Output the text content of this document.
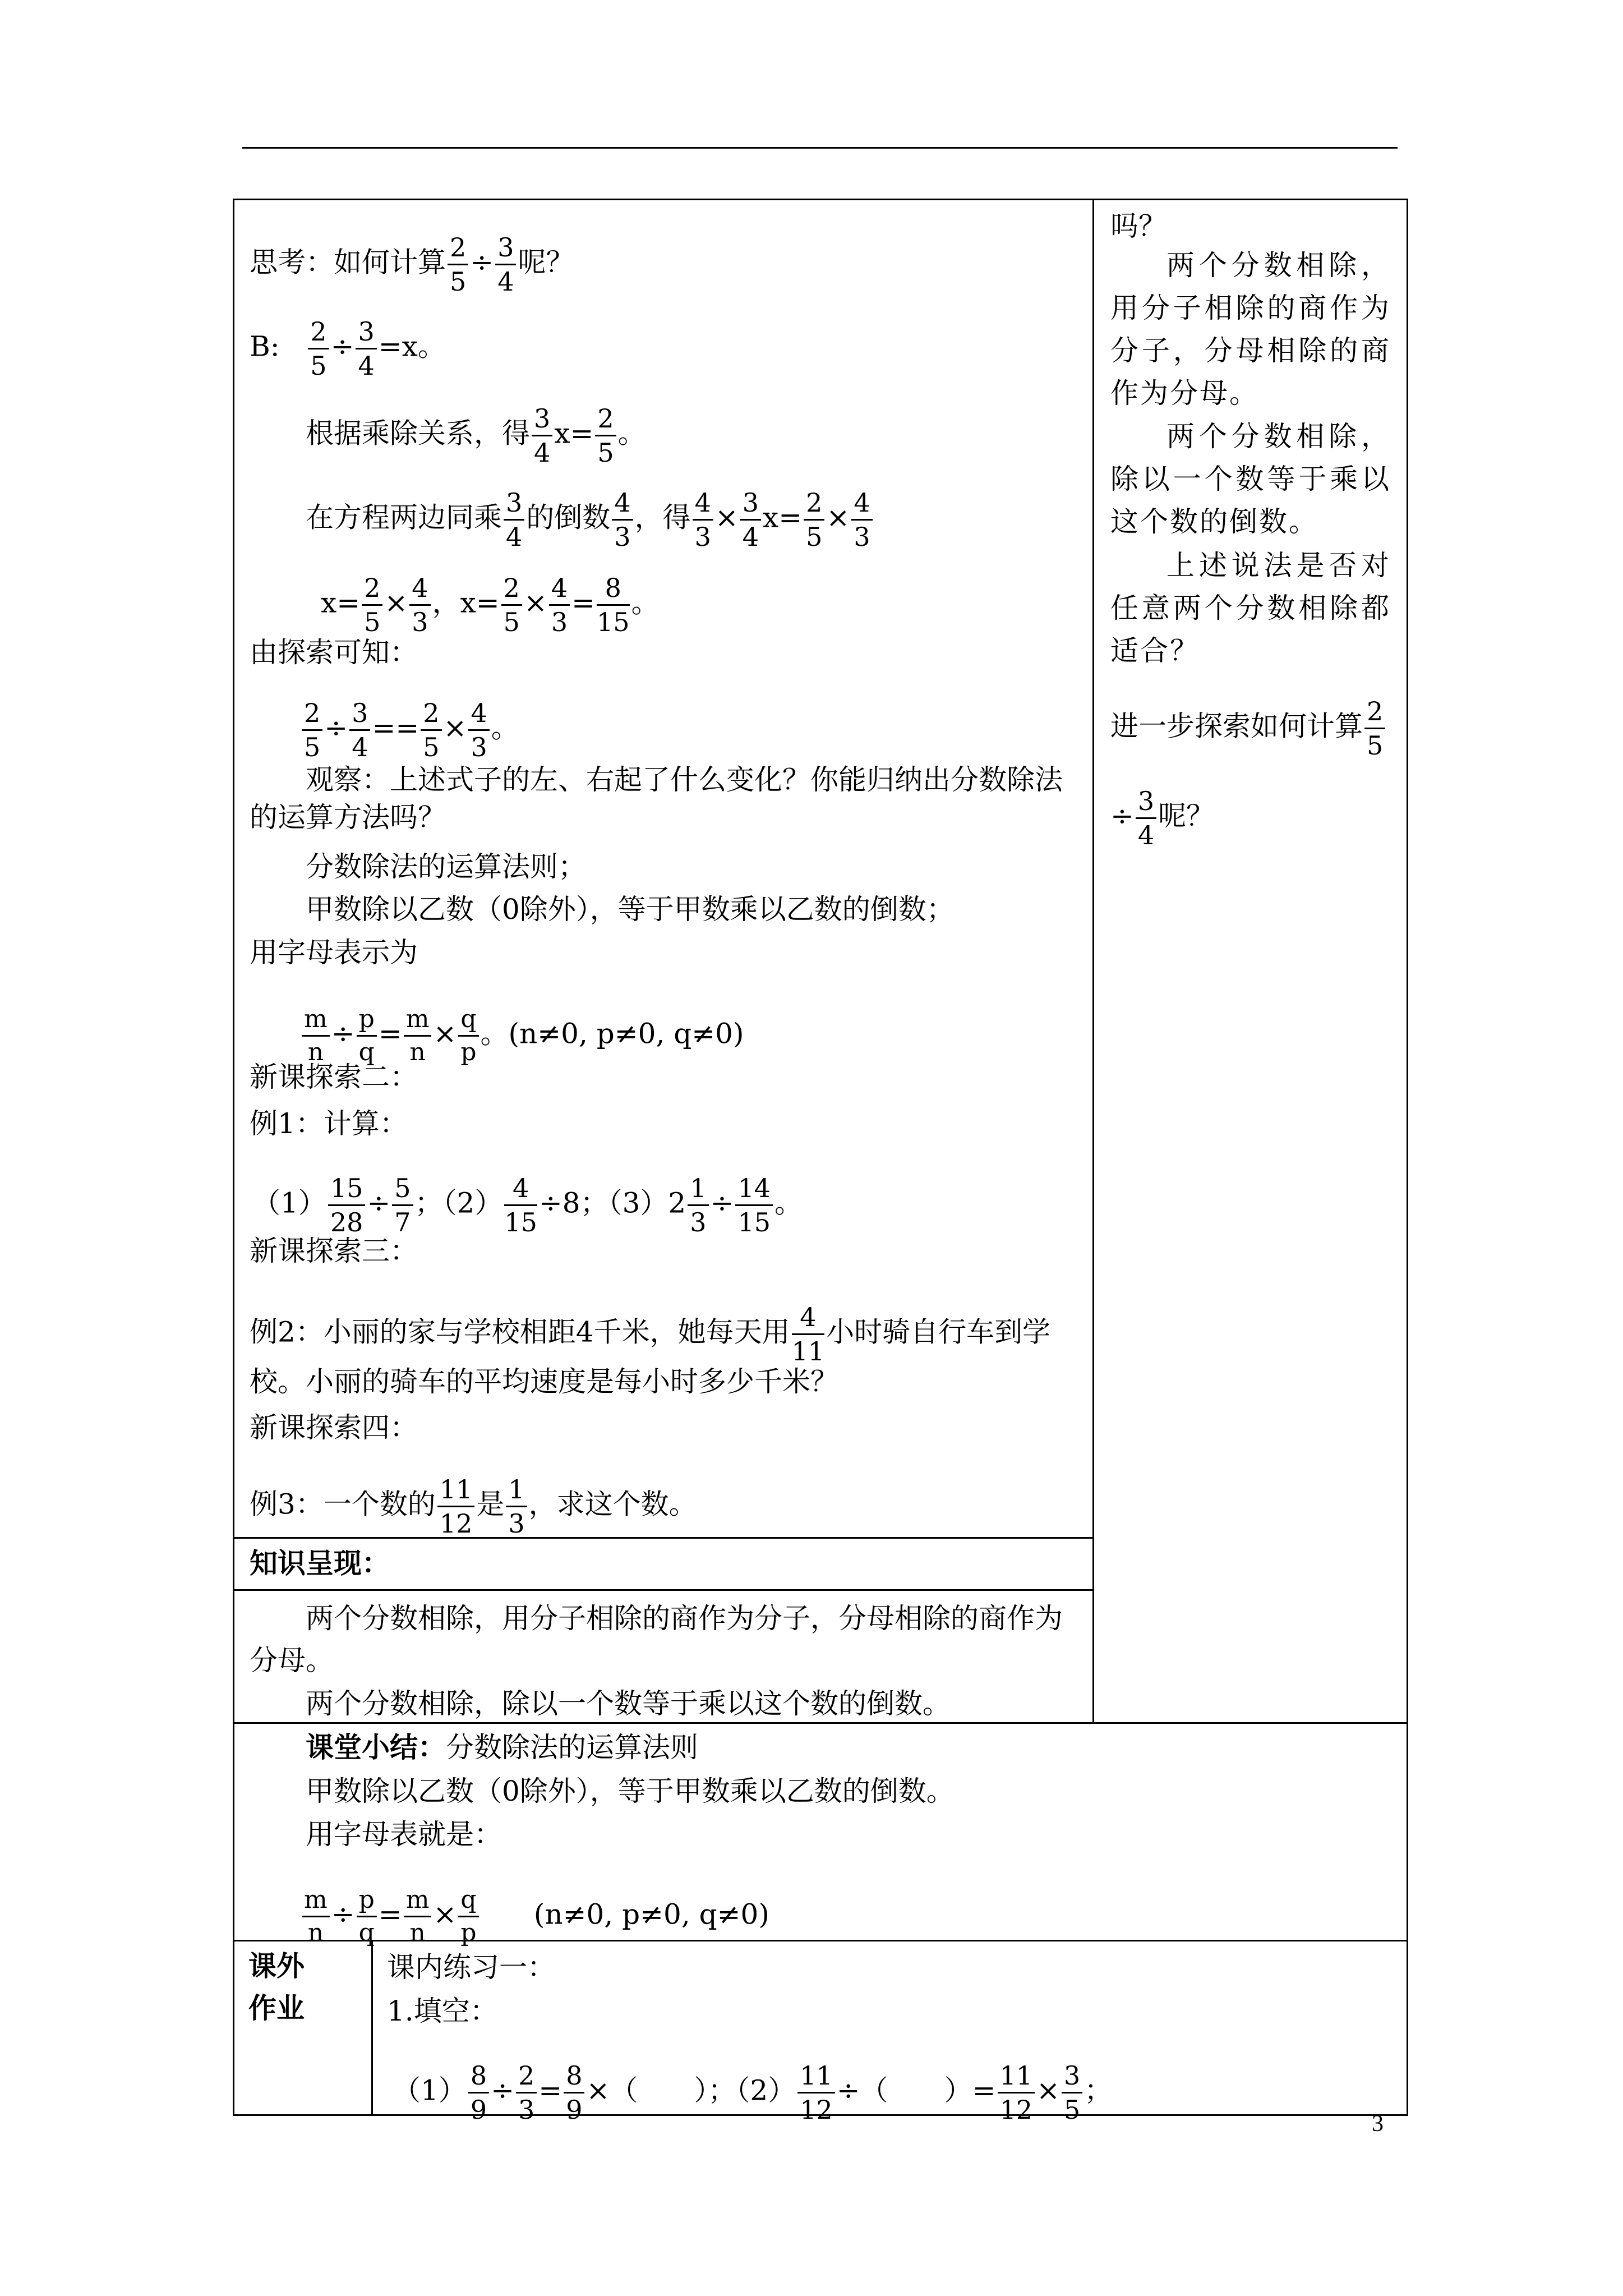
思考：如何计算 $\frac{2}{5} \div \frac{3}{4}$ 呢？
B: $\frac{2}{5} \div \frac{3}{4} =x$。
根据乘除关系，得 $\frac{3}{4} x= \frac{2}{5}$ 。
在方程两边同乘 $\frac{3}{4}$ 的倒数 $\frac{4}{3}$ ，得 $\frac{4}{3} \times \frac{3}{4} x= \frac{2}{5} \times \frac{4}{3}$
$x= \frac{2}{5} \times \frac{4}{3}$ ，$x= \frac{2}{5} \times \frac{4}{3} = \frac{8}{15}$ 。
由探索可知：
$\frac{2}{5} \div \frac{3}{4} == \frac{2}{5} \times \frac{4}{3}$ 。
观察：上述式子的左、右起了什么变化？你能归纳出分数除法
的运算方法吗？
分数除法的运算法则；
甲数除以乙数（0除外），等于甲数乘以乙数的倒数；
用字母表示为
$\frac{m}{n} \div \frac{p}{q} = \frac{m}{n} \times \frac{q}{p}$ 。(n≠0, p≠0, q≠0)
新课探索二：
例1：计算：
$(1) \frac{15}{28} \div \frac{5}{7}$ ；$(2) \frac{4}{15} \div 8$；$(3)2 \frac{1}{3} \div \frac{14}{15}$ 。
新课探索三：
例2：小丽的家与学校相距4千米，她每天用 $\frac{4}{11}$ 小时骑自行车到学
校。小丽的骑车的平均速度是每小时多少千米？
新课探索四：
例3：一个数的 $\frac{11}{12}$ 是 $\frac{1}{3}$ ，求这个数。
知识呈现：
两个分数相除，用分子相除的商作为分子，分母相除的商作为
分母。
两个分数相除，除以一个数等于乘以这个数的倒数。
吗？
两个分数相除，用分子相除的商作为分子，分母相除的商作为分母。
两个分数相除，除以一个数等于乘以这个数的倒数。
上述说法是否对任意两个分数相除都适合？
进一步探索如何计算 $\frac{2}{5}$
÷ $\frac{3}{4}$ 呢？
课堂小结：分数除法的运算法则
甲数除以乙数（0除外），等于甲数乘以乙数的倒数。
用字母表就是：
$\frac{m}{n} \div \frac{p}{q} = \frac{m}{n} \times \frac{q}{p} (n\ne 0$, p≠0, q≠0)
课外
作业
课内练习一：
1.填空：
$(1) \frac{8}{9} \div \frac{2}{3} = \frac{8}{9}$ ×（　　）；$(2) \frac{11}{12}$ ÷（　　）= $\frac{11}{12} \times \frac{3}{5}$ ；
3
